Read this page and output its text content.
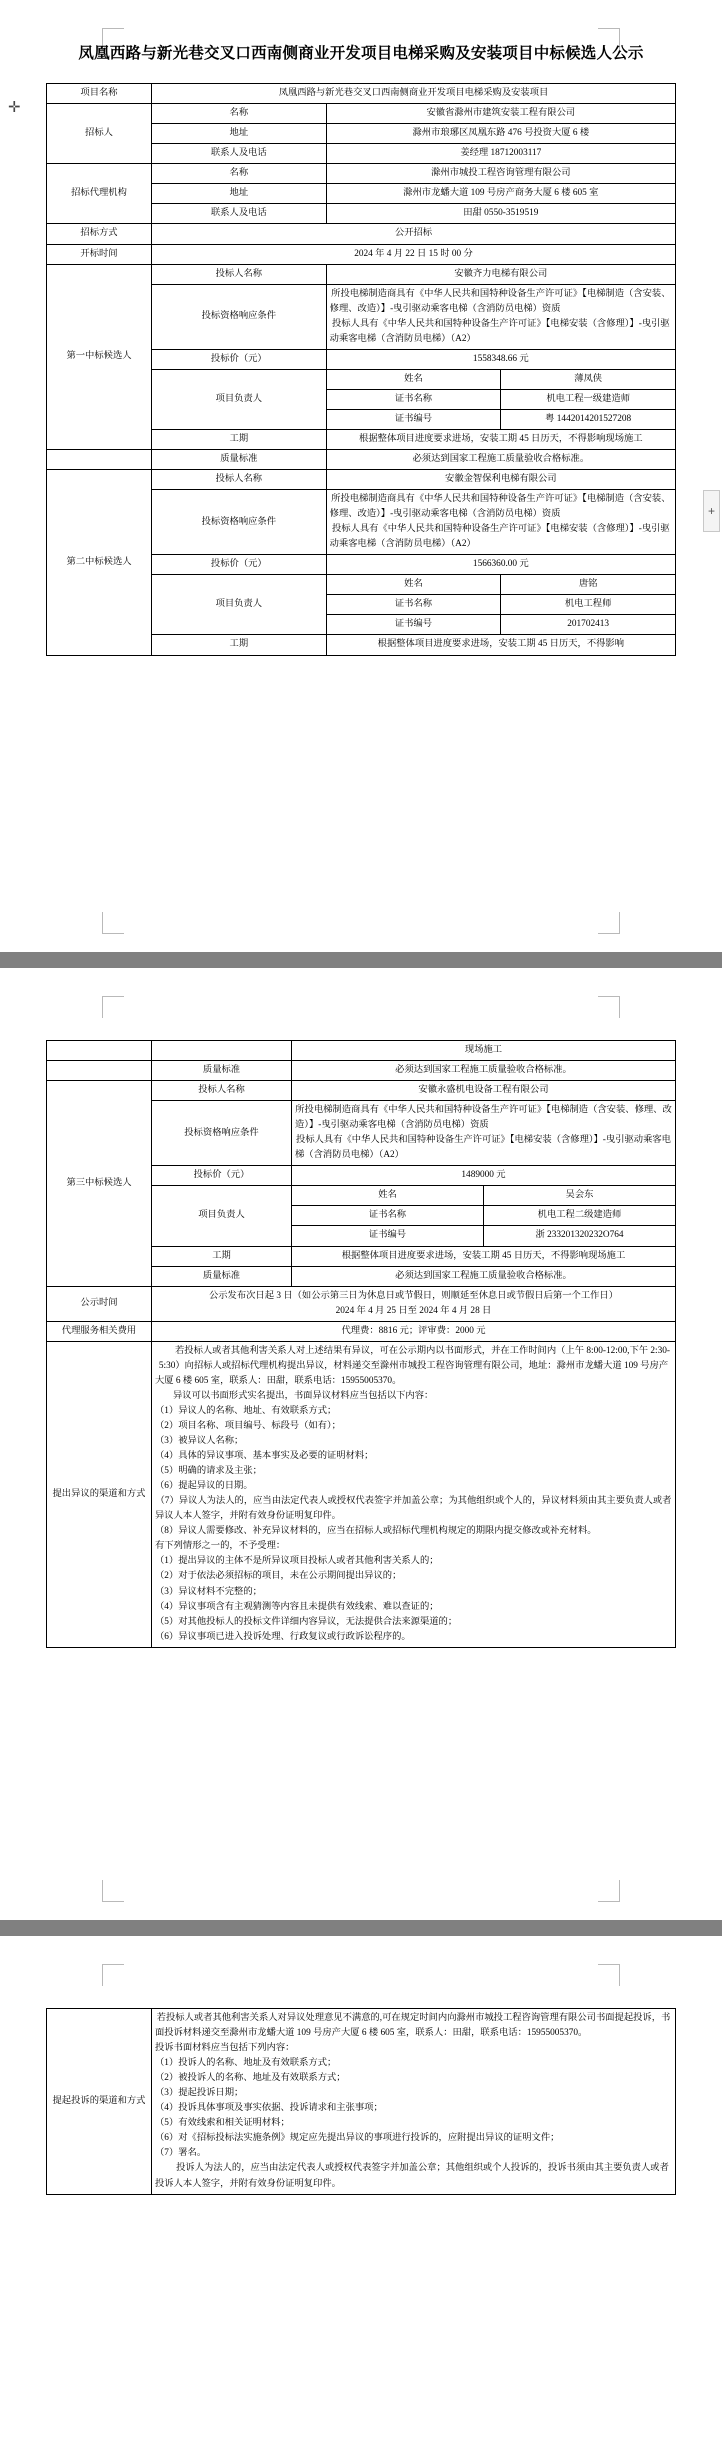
✛
+
凤凰西路与新光巷交叉口西南侧商业开发项目电梯采购及安装项目中标候选人公示
项目名称	凤凰西路与新光巷交叉口西南侧商业开发项目电梯采购及安装项目		
招标人	名称	安徽省滁州市建筑安装工程有限公司	
	地址	滁州市琅琊区凤凰东路 476 号投资大厦 6 楼	
	联系人及电话	姜经理 18712003117	
招标代理机构	名称	滁州市城投工程咨询管理有限公司	
	地址	滁州市龙蟠大道 109 号房产商务大厦 6 楼 605 室	
	联系人及电话	田甜 0550-3519519	
招标方式	公开招标		
开标时间	2024 年 4 月 22 日 15 时 00 分		
第一中标候选人	投标人名称	安徽齐力电梯有限公司	
	投标资格响应条件	所投电梯制造商具有《中华人民共和国特种设备生产许可证》【电梯制造（含安装、修理、改造）】-曳引驱动乘客电梯（含消防员电梯）资质
投标人具有《中华人民共和国特种设备生产许可证》【电梯安装（含修理）】-曳引驱动乘客电梯（含消防员电梯）（A2）	

	投标价（元）	1558348.66 元	
	项目负责人	姓名	薄凤侠
		证书名称	机电工程一级建造师
		证书编号	粤 1442014201527208
	工期	根据整体项目进度要求进场，安装工期 45 日历天，不得影响现场施工	
	质量标准	必须达到国家工程施工质量验收合格标准。	
第二中标候选人	投标人名称	安徽金智保利电梯有限公司	
	投标资格响应条件	所投电梯制造商具有《中华人民共和国特种设备生产许可证》【电梯制造（含安装、修理、改造）】-曳引驱动乘客电梯（含消防员电梯）资质
投标人具有《中华人民共和国特种设备生产许可证》【电梯安装（含修理）】-曳引驱动乘客电梯（含消防员电梯）（A2）	

	投标价（元）	1566360.00 元	
	项目负责人	姓名	唐铭
		证书名称	机电工程师
		证书编号	201702413
	工期	根据整体项目进度要求进场，安装工期 45 日历天，不得影响	
		现场施工	
	质量标准	必须达到国家工程施工质量验收合格标准。	
第三中标候选人	投标人名称	安徽永盛机电设备工程有限公司	
	投标资格响应条件	所投电梯制造商具有《中华人民共和国特种设备生产许可证》【电梯制造（含安装、修理、改造）】-曳引驱动乘客电梯（含消防员电梯）资质
投标人具有《中华人民共和国特种设备生产许可证》【电梯安装（含修理）】-曳引驱动乘客电梯（含消防员电梯）（A2）	

	投标价（元）	1489000 元	
	项目负责人	姓名	吴会东
		证书名称	机电工程二级建造师
		证书编号	浙 233201320232O764
	工期	根据整体项目进度要求进场，安装工期 45 日历天，不得影响现场施工	
	质量标准	必须达到国家工程施工质量验收合格标准。	
公示时间	公示发布次日起 3 日（如公示第三日为休息日或节假日，则顺延至休息日或节假日后第一个工作日）
2024 年 4 月 25 日至 2024 年 4 月 28 日		

代理服务相关费用	代理费：8816 元；评审费：2000 元		
提出异议的渠道和方式	
若投标人或者其他利害关系人对上述结果有异议，可在公示期内以书面形式，并在工作时间内（上午 8:00-12:00,下午 2:30-5:30）向招标人或招标代理机构提出异议，材料递交至滁州市城投工程咨询管理有限公司，地址：滁州市龙蟠大道 109 号房产大厦 6 楼 605 室，联系人：田甜，联系电话：15955005370。
异议可以书面形式实名提出，书面异议材料应当包括以下内容：
（1）异议人的名称、地址、有效联系方式；
（2）项目名称、项目编号、标段号（如有）；
（3）被异议人名称；
（4）具体的异议事项、基本事实及必要的证明材料；
（5）明确的请求及主张；
（6）提起异议的日期。
（7）异议人为法人的，应当由法定代表人或授权代表签字并加盖公章；为其他组织或个人的，异议材料须由其主要负责人或者异议人本人签字，并附有效身份证明复印件。
（8）异议人需要修改、补充异议材料的，应当在招标人或招标代理机构规定的期限内提交修改或补充材料。
有下列情形之一的，不予受理：
（1）提出异议的主体不是所异议项目投标人或者其他利害关系人的；
（2）对于依法必须招标的项目，未在公示期间提出异议的；
（3）异议材料不完整的；
（4）异议事项含有主观猜测等内容且未提供有效线索、难以查证的；
（5）对其他投标人的投标文件详细内容异议，无法提供合法来源渠道的；
（6）异议事项已进入投诉处理、行政复议或行政诉讼程序的。
提起投诉的渠道和方式	
若投标人或者其他利害关系人对异议处理意见不满意的,可在规定时间内向滁州市城投工程咨询管理有限公司书面提起投诉，书面投诉材料递交至滁州市龙蟠大道 109 号房产大厦 6 楼 605 室，联系人：田甜，联系电话：15955005370。
投诉书面材料应当包括下列内容：
（1）投诉人的名称、地址及有效联系方式；
（2）被投诉人的名称、地址及有效联系方式；
（3）提起投诉日期；
（4）投诉具体事项及事实依据、投诉请求和主张事项；
（5）有效线索和相关证明材料；
（6）对《招标投标法实施条例》规定应先提出异议的事项进行投诉的，应附提出异议的证明文件；
（7）署名。
投诉人为法人的，应当由法定代表人或授权代表签字并加盖公章；其他组织或个人投诉的，投诉书须由其主要负责人或者投诉人本人签字，并附有效身份证明复印件。
